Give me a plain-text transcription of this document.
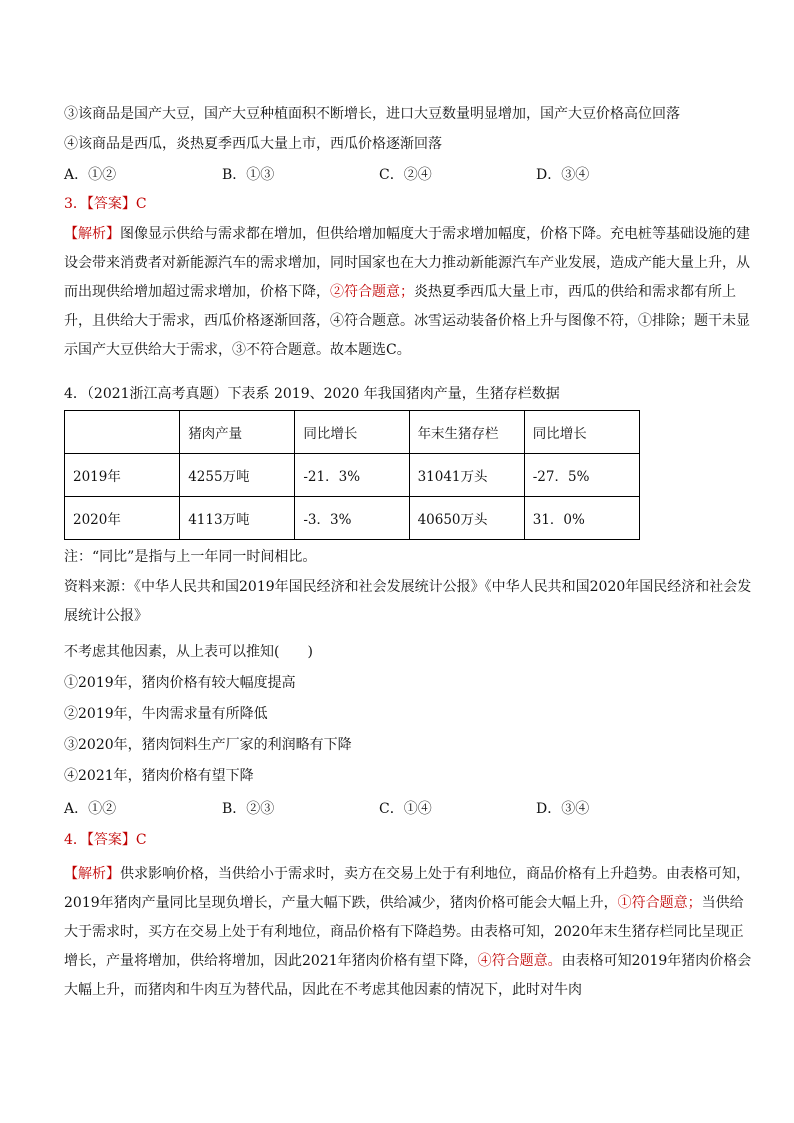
③该商品是国产大豆，国产大豆种植面积不断增长，进口大豆数量明显增加，国产大豆价格高位回落
④该商品是西瓜，炎热夏季西瓜大量上市，西瓜价格逐渐回落
A．①②	B．①③	C．②④	D．③④
3．【答案】C
【解析】图像显示供给与需求都在增加，但供给增加幅度大于需求增加幅度，价格下降。充电桩等基础设施的建设会带来消费者对新能源汽车的需求增加，同时国家也在大力推动新能源汽车产业发展，造成产能大量上升，从而出现供给增加超过需求增加，价格下降，②符合题意；炎热夏季西瓜大量上市，西瓜的供给和需求都有所上升，且供给大于需求，西瓜价格逐渐回落，④符合题意。冰雪运动装备价格上升与图像不符，①排除；题干未显示国产大豆供给大于需求，③不符合题意。故本题选C。
4．（2021浙江高考真题）下表系 2019、2020 年我国猪肉产量，生猪存栏数据
	猪肉产量	同比增长	年末生猪存栏	同比增长
2019年	4255万吨	-21．3%	31041万头	-27．5%
2020年	4113万吨	-3．3%	40650万头	31．0%
注：“同比”是指与上一年同一时间相比。
资料来源：《中华人民共和国2019年国民经济和社会发展统计公报》《中华人民共和国2020年国民经济和社会发展统计公报》
不考虑其他因素，从上表可以推知(　　)
①2019年，猪肉价格有较大幅度提高
②2019年，牛肉需求量有所降低
③2020年，猪肉饲料生产厂家的利润略有下降
④2021年，猪肉价格有望下降
A．①②	B．②③	C．①④	D．③④
4．【答案】C
【解析】供求影响价格，当供给小于需求时，卖方在交易上处于有利地位，商品价格有上升趋势。由表格可知，2019年猪肉产量同比呈现负增长，产量大幅下跌，供给减少，猪肉价格可能会大幅上升，①符合题意；当供给大于需求时，买方在交易上处于有利地位，商品价格有下降趋势。由表格可知，2020年末生猪存栏同比呈现正增长，产量将增加，供给将增加，因此2021年猪肉价格有望下降，④符合题意。由表格可知2019年猪肉价格会大幅上升，而猪肉和牛肉互为替代品，因此在不考虑其他因素的情况下，此时对牛肉
